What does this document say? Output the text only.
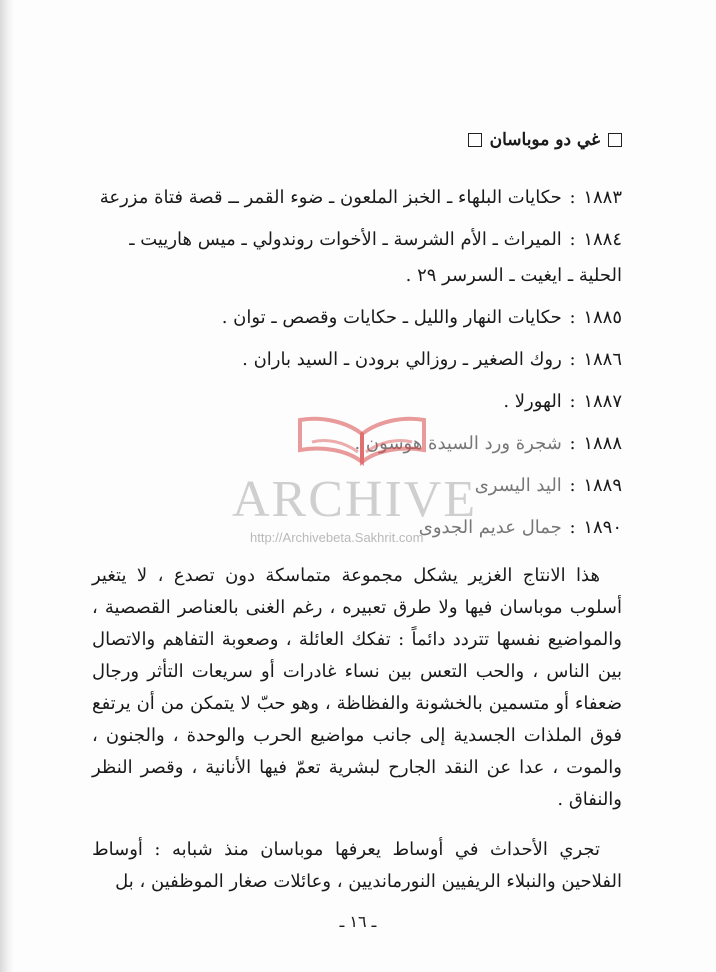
غي دو موباسان
١٨٨٣ : حكايات البلهاء ـ الخبز الملعون ـ ضوء القمر ــ قصة فتاة مزرعة
١٨٨٤ : الميراث ـ الأم الشرسة ـ الأخوات روندولي ـ ميس هارييت ـ الحلية ـ ايغيت ـ السرسر ٢٩ .
١٨٨٥ : حكايات النهار والليل ـ حكايات وقصص ـ توان .
١٨٨٦ : روك الصغير ـ روزالي برودن ـ السيد باران .
١٨٨٧ : الهورلا .
١٨٨٨ : شجرة ورد السيدة هوسون .
١٨٨٩ : اليد اليسرى
١٨٩٠ : جمال عديم الجدوى

هذا الانتاج الغزير يشكل مجموعة متماسكة دون تصدع ، لا يتغير أسلوب موباسان فيها ولا طرق تعبيره ، رغم الغنى بالعناصر القصصية ، والمواضيع نفسها تتردد دائماً : تفكك العائلة ، وصعوبة التفاهم والاتصال بين الناس ، والحب التعس بين نساء غادرات أو سريعات التأثر ورجال ضعفاء أو متسمين بالخشونة والفظاظة ، وهو حبّ لا يتمكن من أن يرتفع فوق الملذات الجسدية إلى جانب مواضيع الحرب والوحدة ، والجنون ، والموت ، عدا عن النقد الجارح لبشرية تعمّ فيها الأنانية ، وقصر النظر والنفاق .

تجري الأحداث في أوساط يعرفها موباسان منذ شبابه : أوساط الفلاحين والنبلاء الريفيين النورمانديين ، وعائلات صغار الموظفين ، بل

ARCHIVE
http://Archivebeta.Sakhrit.com
ـ ١٦ ـ
